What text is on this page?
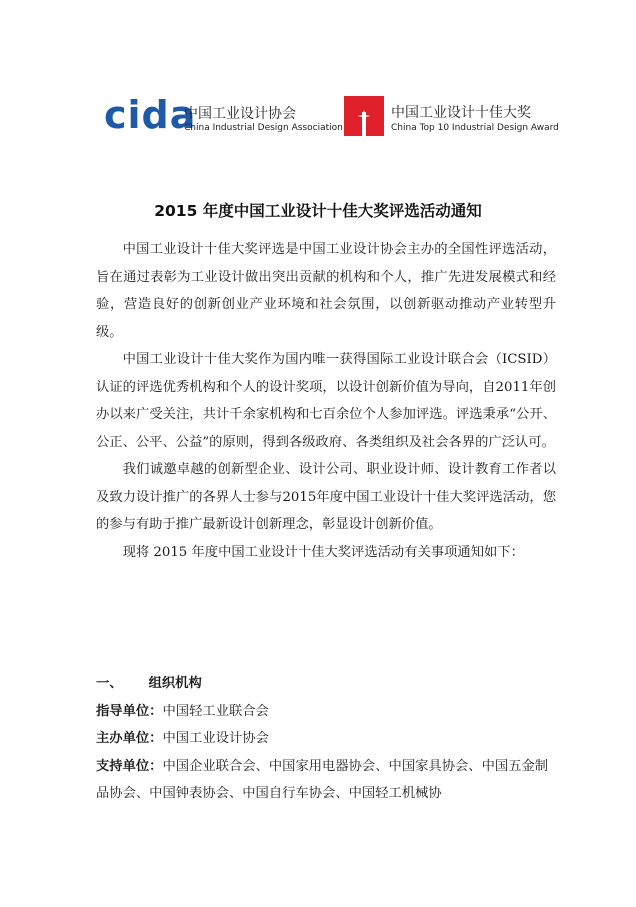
cida
中国工业设计协会
China Industrial Design Association
中国工业设计十佳大奖
China Top 10 Industrial Design Award
2015 年度中国工业设计十佳大奖评选活动通知

中国工业设计十佳大奖评选是中国工业设计协会主办的全国性评选活动，旨在通过表彰为工业设计做出突出贡献的机构和个人，推广先进发展模式和经验，营造良好的创新创业产业环境和社会氛围，以创新驱动推动产业转型升级。

中国工业设计十佳大奖作为国内唯一获得国际工业设计联合会（ICSID）认证的评选优秀机构和个人的设计奖项，以设计创新价值为导向，自2011年创办以来广受关注，共计千余家机构和七百余位个人参加评选。评选秉承“公开、公正、公平、公益”的原则，得到各级政府、各类组织及社会各界的广泛认可。

我们诚邀卓越的创新型企业、设计公司、职业设计师、设计教育工作者以及致力设计推广的各界人士参与2015年度中国工业设计十佳大奖评选活动，您的参与有助于推广最新设计创新理念，彰显设计创新价值。

现将 2015 年度中国工业设计十佳大奖评选活动有关事项通知如下：

一、 组织机构

指导单位：中国轻工业联合会

主办单位：中国工业设计协会

支持单位：中国企业联合会、中国家用电器协会、中国家具协会、中国五金制品协会、中国钟表协会、中国自行车协会、中国轻工机械协
